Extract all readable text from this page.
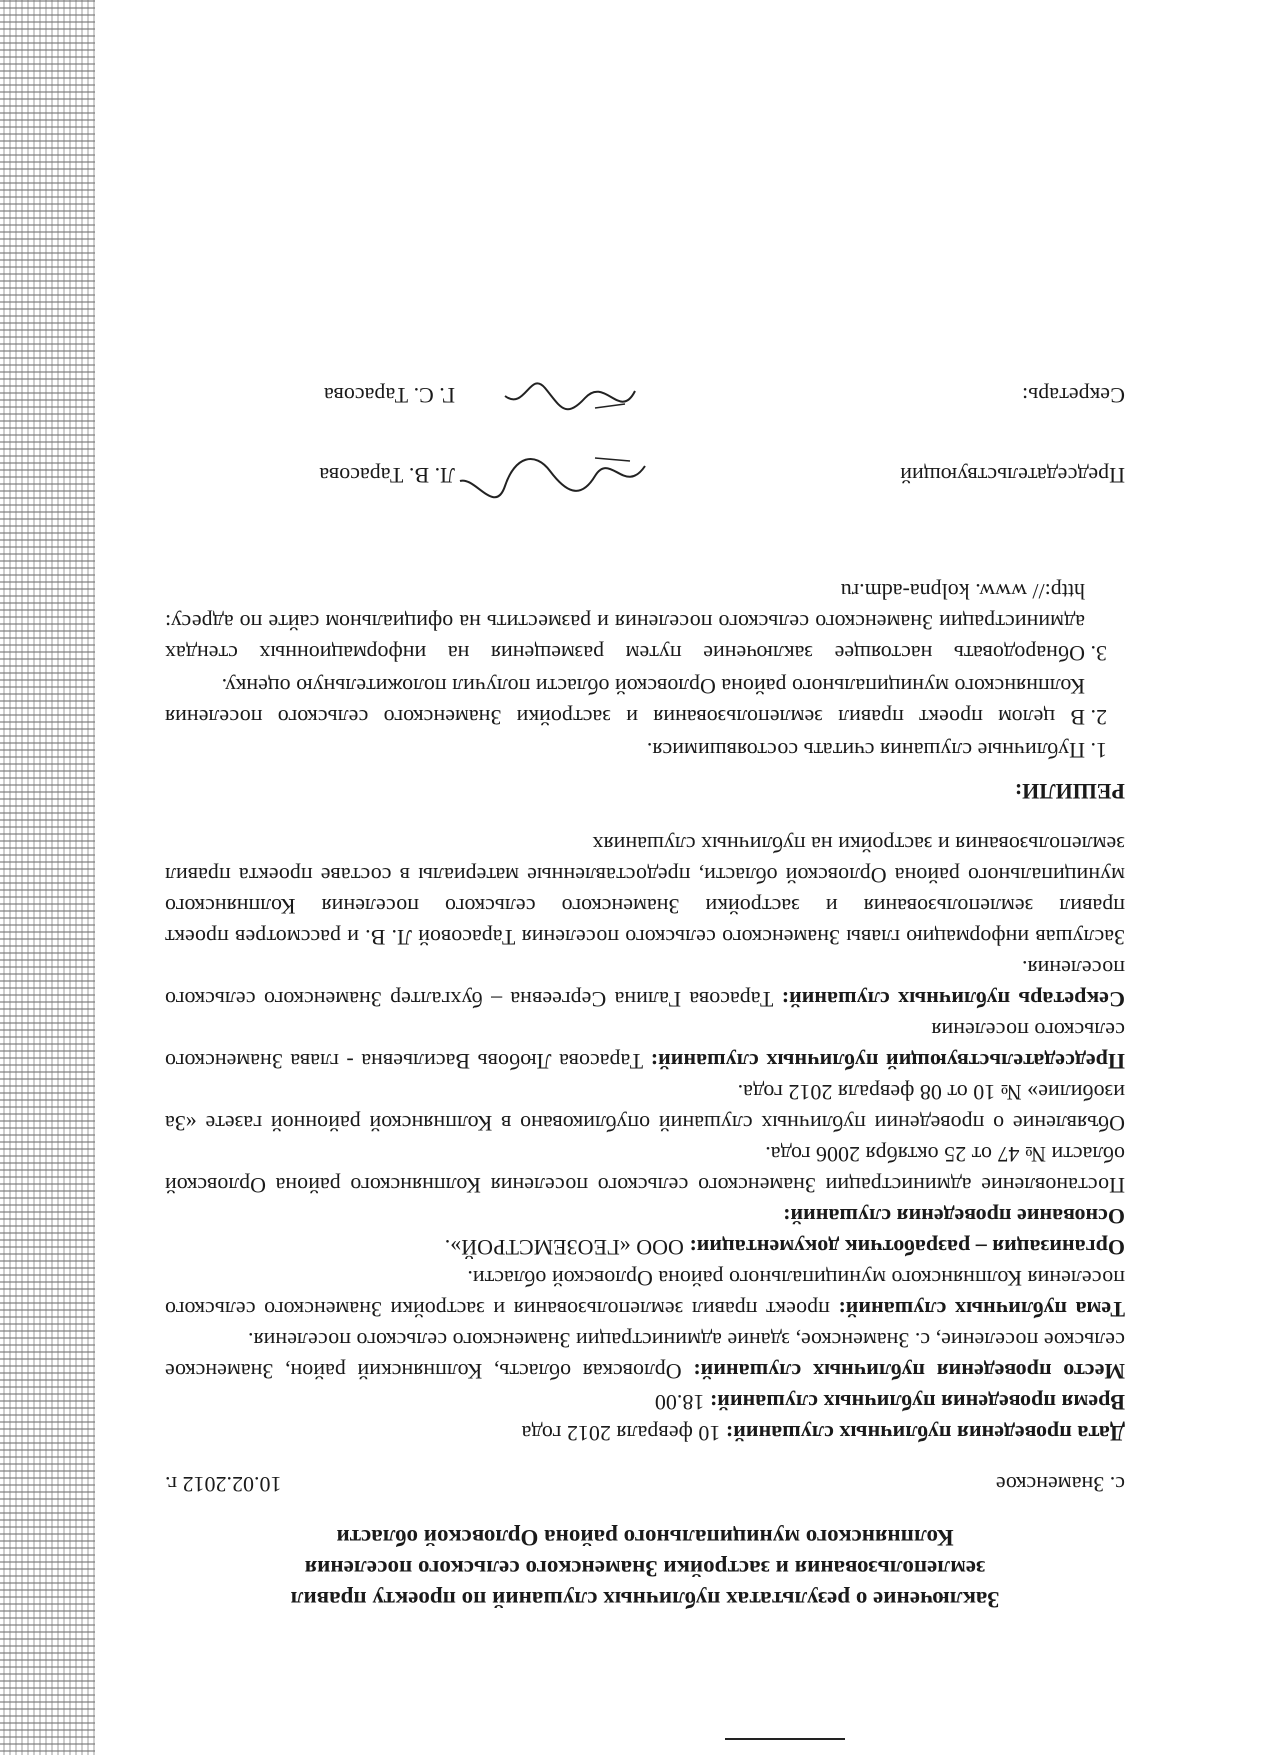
Заключение о результатах публичных слушаний по проекту правил
землепользования и застройки Знаменского сельского поселения
Колпнянского муниципального района Орловской области
с. Знаменское
10.02.2012 г.

Дата проведения публичных слушаний: 10 февраля 2012 года

Время проведения публичных слушаний: 18.00

Место проведения публичных слушаний: Орловская область, Колпнянский район, Знаменское сельское поселение, с. Знаменское, здание администрации Знаменского сельского поселения.

Тема публичных слушаний: проект правил землепользования и застройки Знаменского сельского поселения Колпнянского муниципального района Орловской области.

Организация – разработчик документации: ООО «ГЕОЗЕМСТРОЙ».

Основание проведения слушаний:

Постановление администрации Знаменского сельского поселения Колпнянского района Орловской области № 47 от 25 октября 2006 года.

Объявление о проведении публичных слушаний опубликовано в Колпнянской районной газете «За изобилие» № 10 от 08 февраля 2012 года.

Председательствующий публичных слушаний: Тарасова Любовь Васильевна - глава Знаменского сельского поселения

Секретарь публичных слушаний: Тарасова Галина Сергеевна – бухгалтер Знаменского сельского поселения.

Заслушав информацию главы Знаменского сельского поселения Тарасовой Л. В. и рассмотрев проект правил землепользования и застройки Знаменского сельского поселения Колпнянского муниципального района Орловской области, предоставленные материалы в составе проекта правил землепользования и застройки на публичных слушаниях

РЕШИЛИ:
1. Публичные слушания считать состоявшимися.
2. В целом проект правил землепользования и застройки Знаменского сельского поселения Колпнянского муниципального района Орловской области получил положительную оценку.
3. Обнародовать настоящее заключение путем размещения на информационных стендах администрации Знаменского сельского поселения и разместить на официальном сайте по адресу: http:// www. kolpna-adm.ru
Председательствующий
Л. В. Тарасова
Секретарь:
Г. С. Тарасова
